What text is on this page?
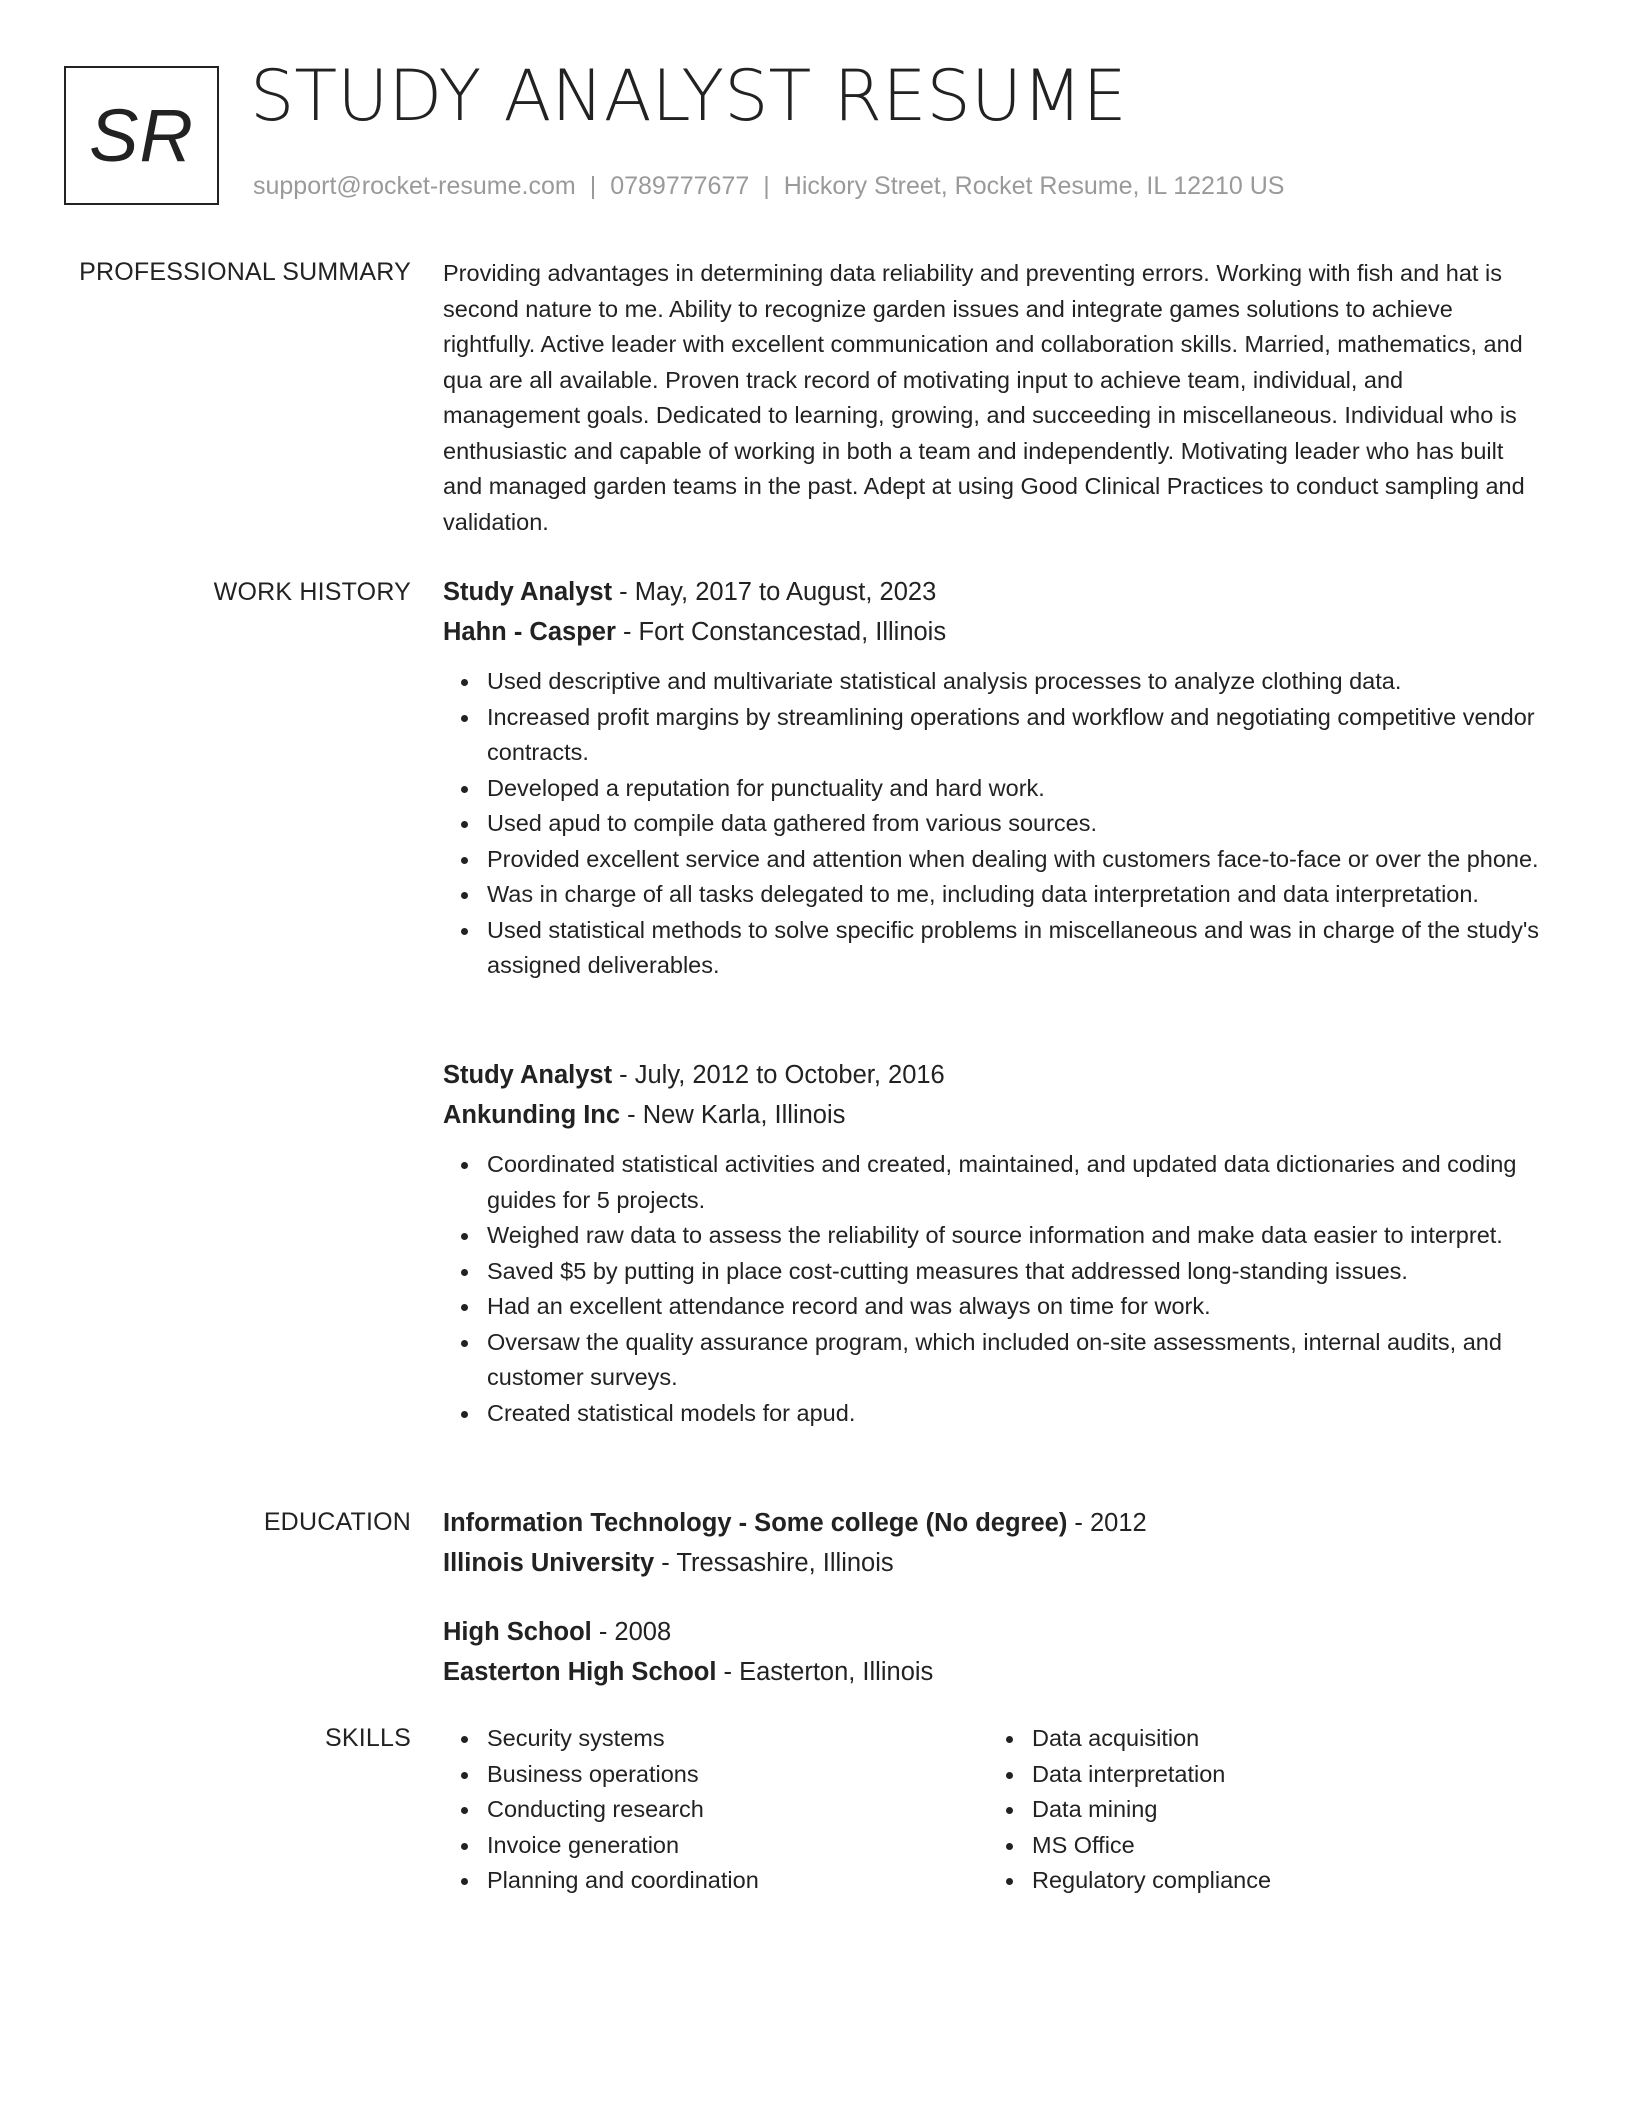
SR STUDY ANALYST RESUME
support@rocket-resume.com | 0789777677 | Hickory Street, Rocket Resume, IL 12210 US
PROFESSIONAL SUMMARY Providing advantages in determining data reliability and preventing errors. Working with fish and hat is second nature to me. Ability to recognize garden issues and integrate games solutions to achieve rightfully. Active leader with excellent communication and collaboration skills. Married, mathematics, and qua are all available. Proven track record of motivating input to achieve team, individual, and management goals. Dedicated to learning, growing, and succeeding in miscellaneous. Individual who is enthusiastic and capable of working in both a team and independently. Motivating leader who has built and managed garden teams in the past. Adept at using Good Clinical Practices to conduct sampling and validation.
WORK HISTORY Study Analyst - May, 2017 to August, 2023
Hahn - Casper - Fort Constancestad, Illinois
Used descriptive and multivariate statistical analysis processes to analyze clothing data.
Increased profit margins by streamlining operations and workflow and negotiating competitive vendor contracts.
Developed a reputation for punctuality and hard work.
Used apud to compile data gathered from various sources.
Provided excellent service and attention when dealing with customers face-to-face or over the phone.
Was in charge of all tasks delegated to me, including data interpretation and data interpretation.
Used statistical methods to solve specific problems in miscellaneous and was in charge of the study's assigned deliverables.
Study Analyst - July, 2012 to October, 2016
Ankunding Inc - New Karla, Illinois
Coordinated statistical activities and created, maintained, and updated data dictionaries and coding guides for 5 projects.
Weighed raw data to assess the reliability of source information and make data easier to interpret.
Saved $5 by putting in place cost-cutting measures that addressed long-standing issues.
Had an excellent attendance record and was always on time for work.
Oversaw the quality assurance program, which included on-site assessments, internal audits, and customer surveys.
Created statistical models for apud.
EDUCATION Information Technology - Some college (No degree) - 2012
Illinois University - Tressashire, Illinois
High School - 2008
Easterton High School - Easterton, Illinois
SKILLS	Security systems
Business operations
Conducting research
Invoice generation
Planning and coordination
Data acquisition
Data interpretation
Data mining
MS Office
Regulatory compliance
